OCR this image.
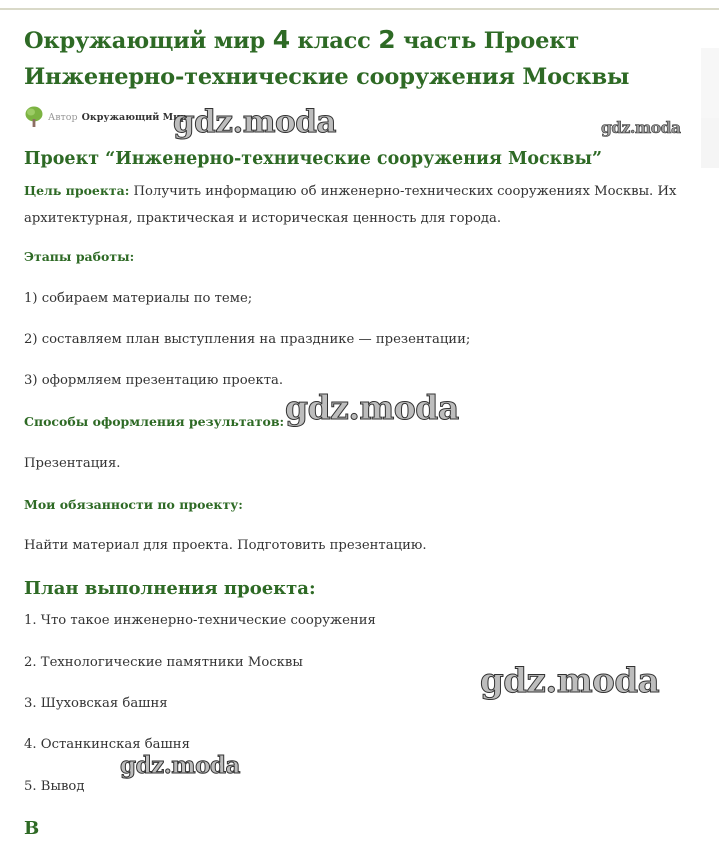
Окружающий мир 4 класс 2 часть Проект Инженерно-технические сооружения Москвы
Автор Окружающий Мир
Проект “Инженерно-технические сооружения Москвы”

Цель проекта: Получить информацию об инженерно-технических сооружениях Москвы. Их архитектурная, практическая и историческая ценность для города.

Этапы работы:

1) собираем материалы по теме;

2) составляем план выступления на празднике — презентации;

3) оформляем презентацию проекта.

Способы оформления результатов:

Презентация.

Мои обязанности по проекту:

Найти материал для проекта. Подготовить презентацию.

План выполнения проекта:

1. Что такое инженерно-технические сооружения

2. Технологические памятники Москвы

3. Шуховская башня

4. Останкинская башня

5. Вывод

В
gdz.moda	gdz.moda
gdz.moda
gdz.moda
gdz.moda
